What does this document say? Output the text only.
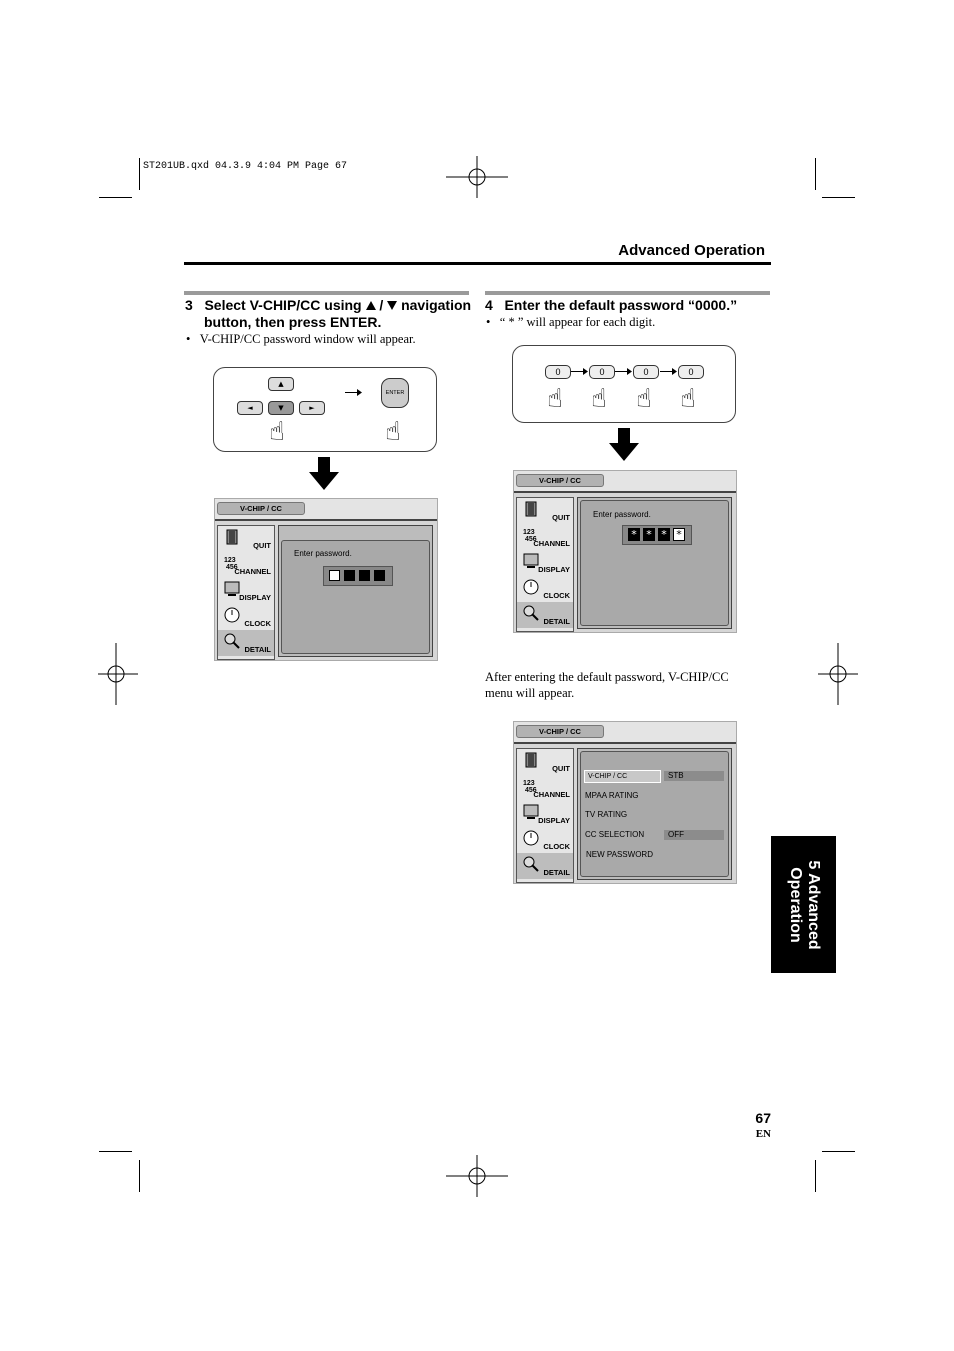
ST201UB.qxd 04.3.9 4:04 PM Page 67
Advanced Operation
3 Select V-CHIP/CC using / navigation
button, then press ENTER.
•   V-CHIP/CC password window will appear.
▲
◄	▼	►
ENTER
☝	☝
V-CHIP / CC
QUIT
123
456
CHANNEL
DISPLAY
CLOCK
DETAIL
Enter password.
4 Enter the default password “0000.”
•   “ * ” will appear for each digit.
0	0	0	0
☝ ☝ ☝ ☝
V-CHIP / CC
QUIT
123
456
CHANNEL
DISPLAY
CLOCK
DETAIL
Enter password.
* * * *
After entering the default password, V-CHIP/CC menu will appear.
V-CHIP / CC
QUIT
123
456
CHANNEL
DISPLAY
CLOCK
DETAIL
V-CHIP / CC	STB
MPAA RATING
TV RATING
CC SELECTION	OFF
NEW PASSWORD
5 Advanced
Operation
67
EN
